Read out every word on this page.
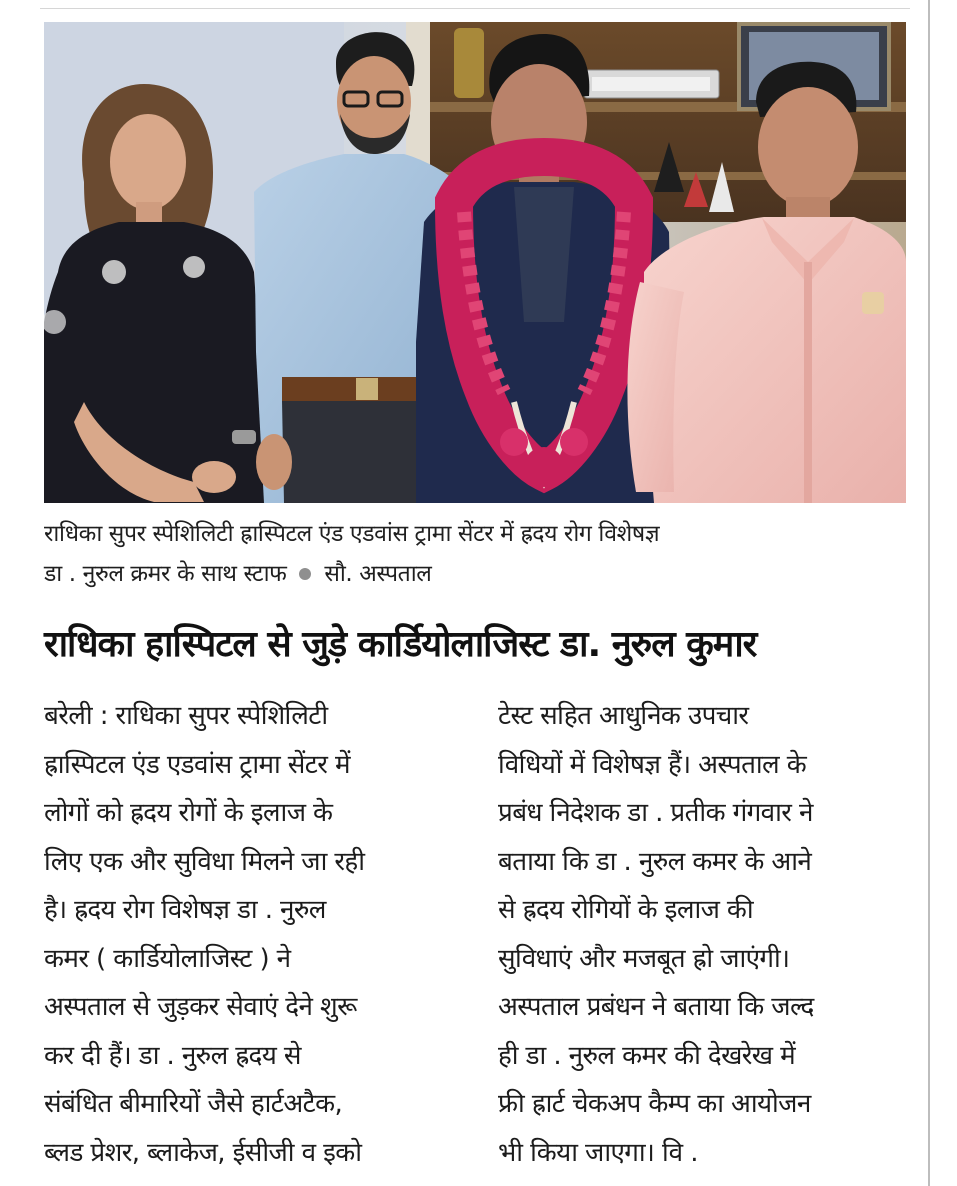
राधिका सुपर स्पेशिलिटी ह्रास्पिटल एंड एडवांस ट्रामा सेंटर में ह्रदय रोग विशेषज्ञ
डा . नुरुल क्रमर के साथ स्टाफ सौ. अस्पताल
राधिका हास्पिटल से जुड़े कार्डियोलाजिस्ट डा. नुरुल कुमार
बरेली : राधिका सुपर स्पेशिलिटी
ह्रास्पिटल एंड एडवांस ट्रामा सेंटर में
लोगों को ह्रदय रोगों के इलाज के
लिए एक और सुविधा मिलने जा रही
है। ह्रदय रोग विशेषज्ञ डा . नुरुल
कमर ( कार्डियोलाजिस्ट ) ने
अस्पताल से जुड़कर सेवाएं देने शुरू
कर दी हैं। डा . नुरुल ह्रदय से
संबंधित बीमारियों जैसे हार्टअटैक,
ब्लड प्रेशर, ब्लाकेज, ईसीजी व इको
टेस्ट सहित आधुनिक उपचार
विधियों में विशेषज्ञ हैं। अस्पताल के
प्रबंध निदेशक डा . प्रतीक गंगवार ने
बताया कि डा . नुरुल कमर के आने
से ह्रदय रोगियों के इलाज की
सुविधाएं और मजबूत ह्रो जाएंगी।
अस्पताल प्रबंधन ने बताया कि जल्द
ही डा . नुरुल कमर की देखरेख में
फ्री ह्रार्ट चेकअप कैम्प का आयोजन
भी किया जाएगा। वि .
